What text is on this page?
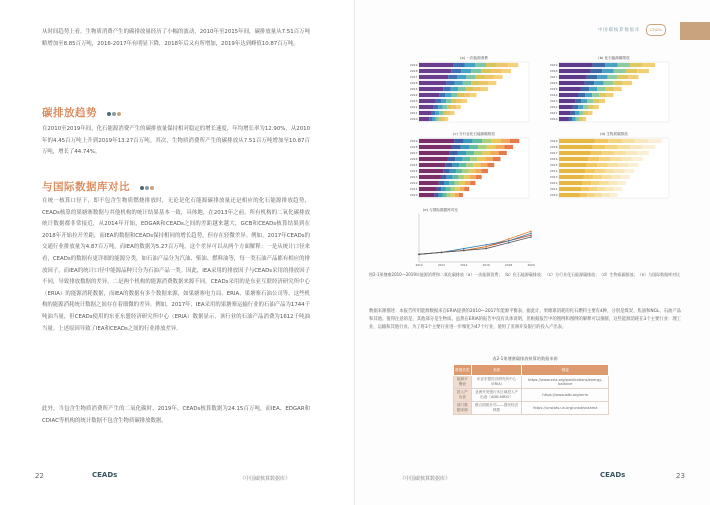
从时间趋势上看，生物质消费产生的碳排放量经历了小幅的波动，2010年至2015年间，碳排放量从7.51百万吨略增加至8.85百万吨，2016-2017年有明显下降，2018年后又有所增加，2019年达到峰值10.87百万吨。
碳排放趋势
在2010至2019年间，化石能源消费产生的碳排放量保持相对稳定的增长速度，年均增长率为12.90%，从2010年的4.45百万吨上升到2019年13.27百万吨。其次，生物质消费所产生的碳排放从7.51百万吨增加至10.87百万吨，增长了44.74%。
与国际数据库对比
在统一核算口径下，即不包含生物质燃烧排放时，无论是化石能源碳排放量还是相应的化石能源排放趋势，CEADs核算的果塘寨数据与其他机构的统计结果基本一致，具体地，在2013年之前，所有机构的二氧化碳排放统计数据都非常接近，从2014年开始，EDGAR和CEADs之间的差距越来越大，GCB和CEADs核算结果到在2018年开始拉开差距，而IEA的数据和CEADs保持相同的增长趋势，但存在轻微差异。例如，2017年CEADs的交通行业排放量为4.87百万吨，而IEA的数据为5.27百万吨。这个差异可以从两个方面解释：一是从统计口径来看，CEADs的数据有更详细的能源分类，如石油产品分为汽油、柴油、燃料油等，每一类石油产品都有相应的排放因子，而IEA的统计口径中能源品种只分为石油产品一类。因此，IEA采用的排放因子与CEADs采用的排放因子不同，导致排放数据的差异。二是两个机构的能源消费数据来源不同。CEADs采用的是东亚互联经济研究所中心（ERIA）的能源消耗数据，而IEA的数据有多个数据来源，如果塘寨电力局、ERIA、果塘寨石油公司等。这些机构的能源消耗统计数据之间存在着细微的差异。例如，2017年，IEA采用的果塘寨运输行业的石油产品为1744千吨油当量，但CEADs使用的东亚东盟经济研究所中心（ERIA）数据显示，该行业的石油产品消费为1612千吨油当量。上述原因导致了IEA和CEADs之间的行业排放差异。
此外，当包含生物质消费所产生的二氧化碳时，2019年，CEADs核算数据为24.15百万吨，而IEA、EDGAR和CDIAC等机构的统计数据不包含生物质碳排放数据。
22	CEADs	《中国碳核算数据库》
中国碳核算数据库	CEADs
(a) 一次能源消费
2019
2018
2017
2016
2015
2014
2013
2012
2011
2010
(b) 化石能源碳排放
2019
2018
2017
2016
2015
2014
2013
2012
2011
2010
(c) 分行业化石能源碳排放
2019
2018
2017
2016
2015
2014
2013
2012
2011
2010
(d) 生物质碳排放
2019
2018
2017
2016
2015
2014
2013
2012
2011
2010
(e) 与国际数据库对比
2010	2012	2014	2016	2018	2020
图2-1果塘寨2010—2019年能源消费和二氧化碳排放（a）一次能源消费；（b）化石能源碳排放；（c）分行业化石能源碳排放；（d）生物质碳排放；（e）与国际数据库对比
数据来源描述：本报告所用能源数据来自ERIA提供的2010—2017年能源平衡表。据此计，果塘寨消耗的化石燃料主要有4种，分别是煤炭、焦油和NGL、石油产品和其他。值得注意的是，其他部分是生物质。虽然在ERIA的报告中没有具体说明，但根据报告中的图例和图例的解释可以推断，这些能源消耗在3个主要行业：理工业、运输和其他行业。为了将3个主要行业进一步细化为47个行业，使用了亚洲开发银行的投入产出表。
表2-1果塘寨碳排放核算的数据来源
数据类型	来源	链接
能源平衡表	东亚东盟经济研究所中心（ERIA）	https://www.eria.org/publications/energy-balance
投入产出表	亚洲开发银行多区域投入产出表（ADB-MRIO）	https://www.adb.org/mrio
部门数据来源	联合国统计司——国民经济核算	https://unstats.un.org/unsd/snaama
《中国碳核算数据库》	CEADs	23
